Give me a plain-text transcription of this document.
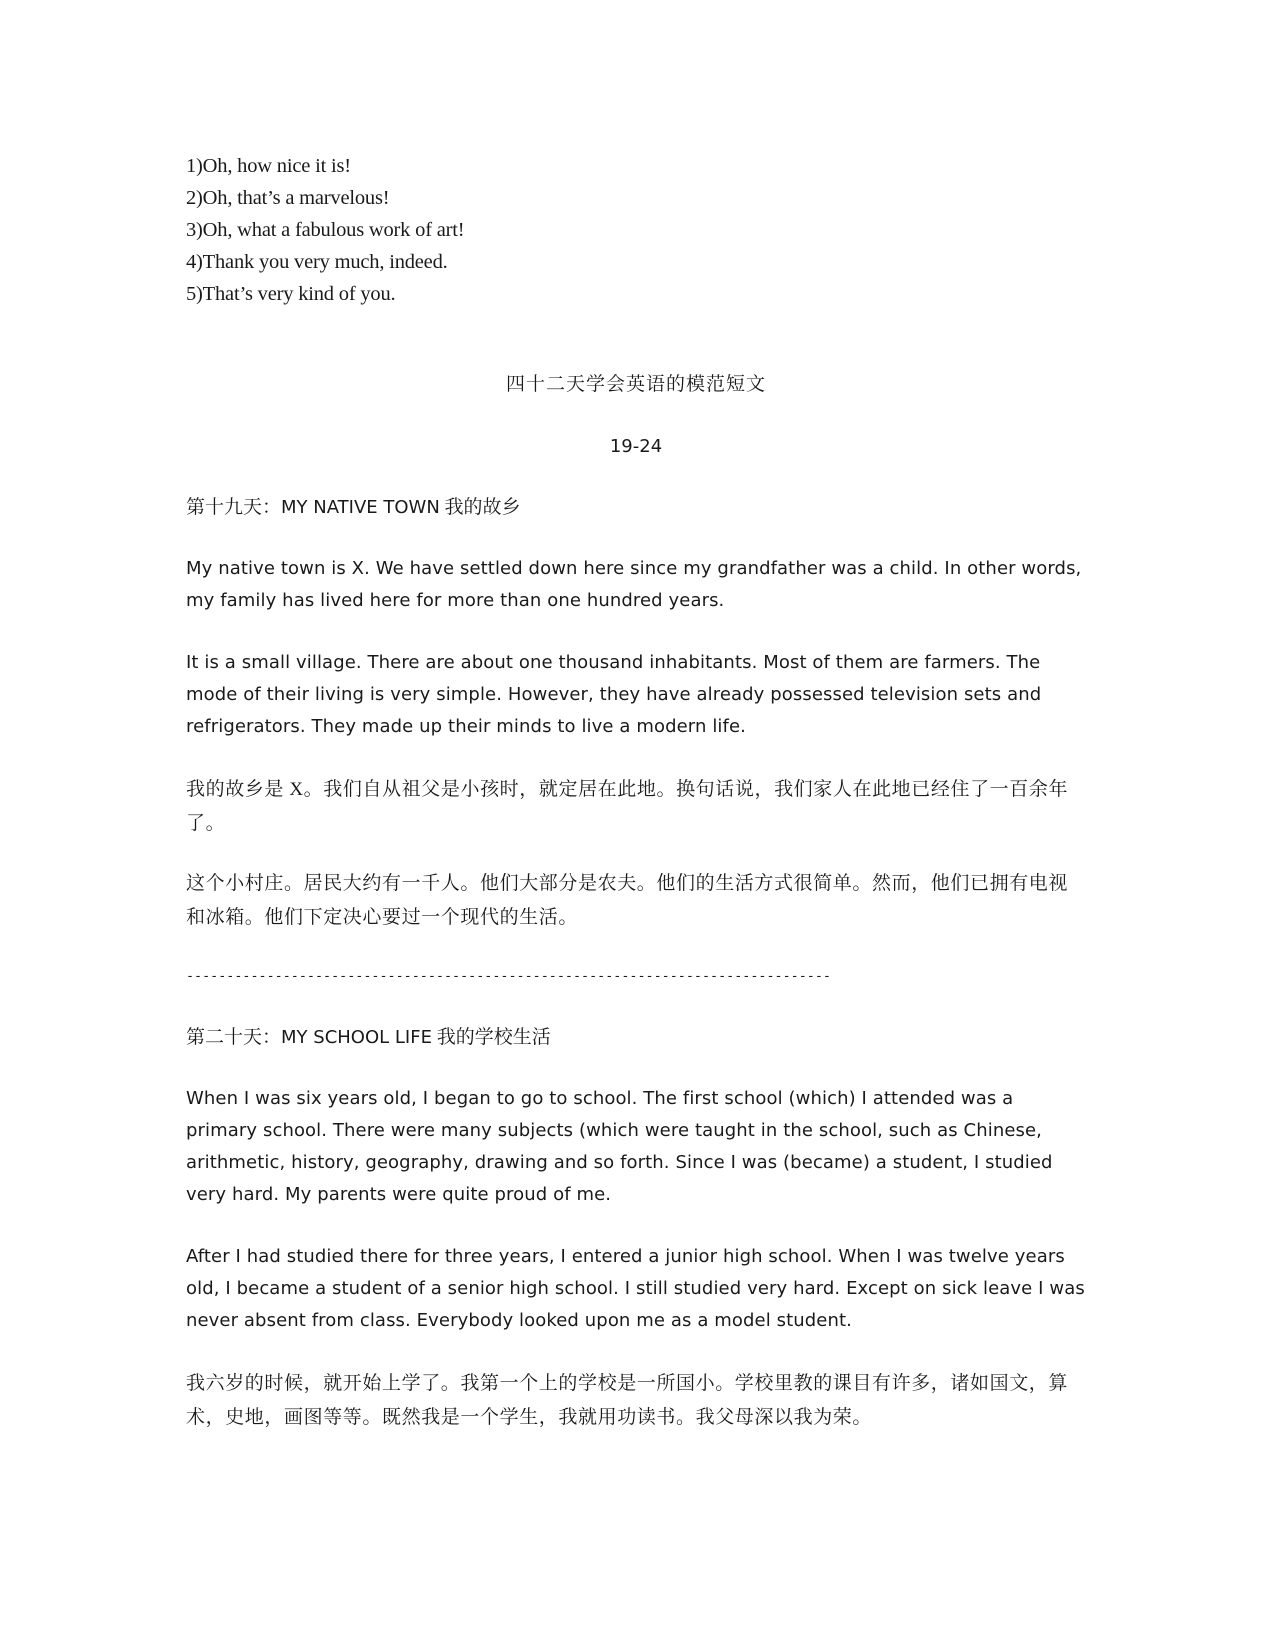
1)Oh, how nice it is!
2)Oh, that’s a marvelous!
3)Oh, what a fabulous work of art!
4)Thank you very much, indeed.
5)That’s very kind of you.
四十二天学会英语的模范短文
19-24
第十九天：MY NATIVE TOWN 我的故乡

My native town is X. We have settled down here since my grandfather was a child. In other words, my family has lived here for more than one hundred years.

It is a small village. There are about one thousand inhabitants. Most of them are farmers. The mode of their living is very simple. However, they have already possessed television sets and refrigerators. They made up their minds to live a modern life.

我的故乡是 X。我们自从祖父是小孩时，就定居在此地。换句话说，我们家人在此地已经住了一百余年了。

这个小村庄。居民大约有一千人。他们大部分是农夫。他们的生活方式很简单。然而，他们已拥有电视和冰箱。他们下定决心要过一个现代的生活。

--------------------------------------------------------------------------------
第二十天：MY SCHOOL LIFE 我的学校生活

When I was six years old, I began to go to school. The first school (which) I attended was a primary school. There were many subjects (which were taught in the school, such as Chinese, arithmetic, history, geography, drawing and so forth. Since I was (became) a student, I studied very hard. My parents were quite proud of me.

After I had studied there for three years, I entered a junior high school. When I was twelve years old, I became a student of a senior high school. I still studied very hard. Except on sick leave I was never absent from class. Everybody looked upon me as a model student.

我六岁的时候，就开始上学了。我第一个上的学校是一所国小。学校里教的课目有许多，诸如国文，算术，史地，画图等等。既然我是一个学生，我就用功读书。我父母深以我为荣。
